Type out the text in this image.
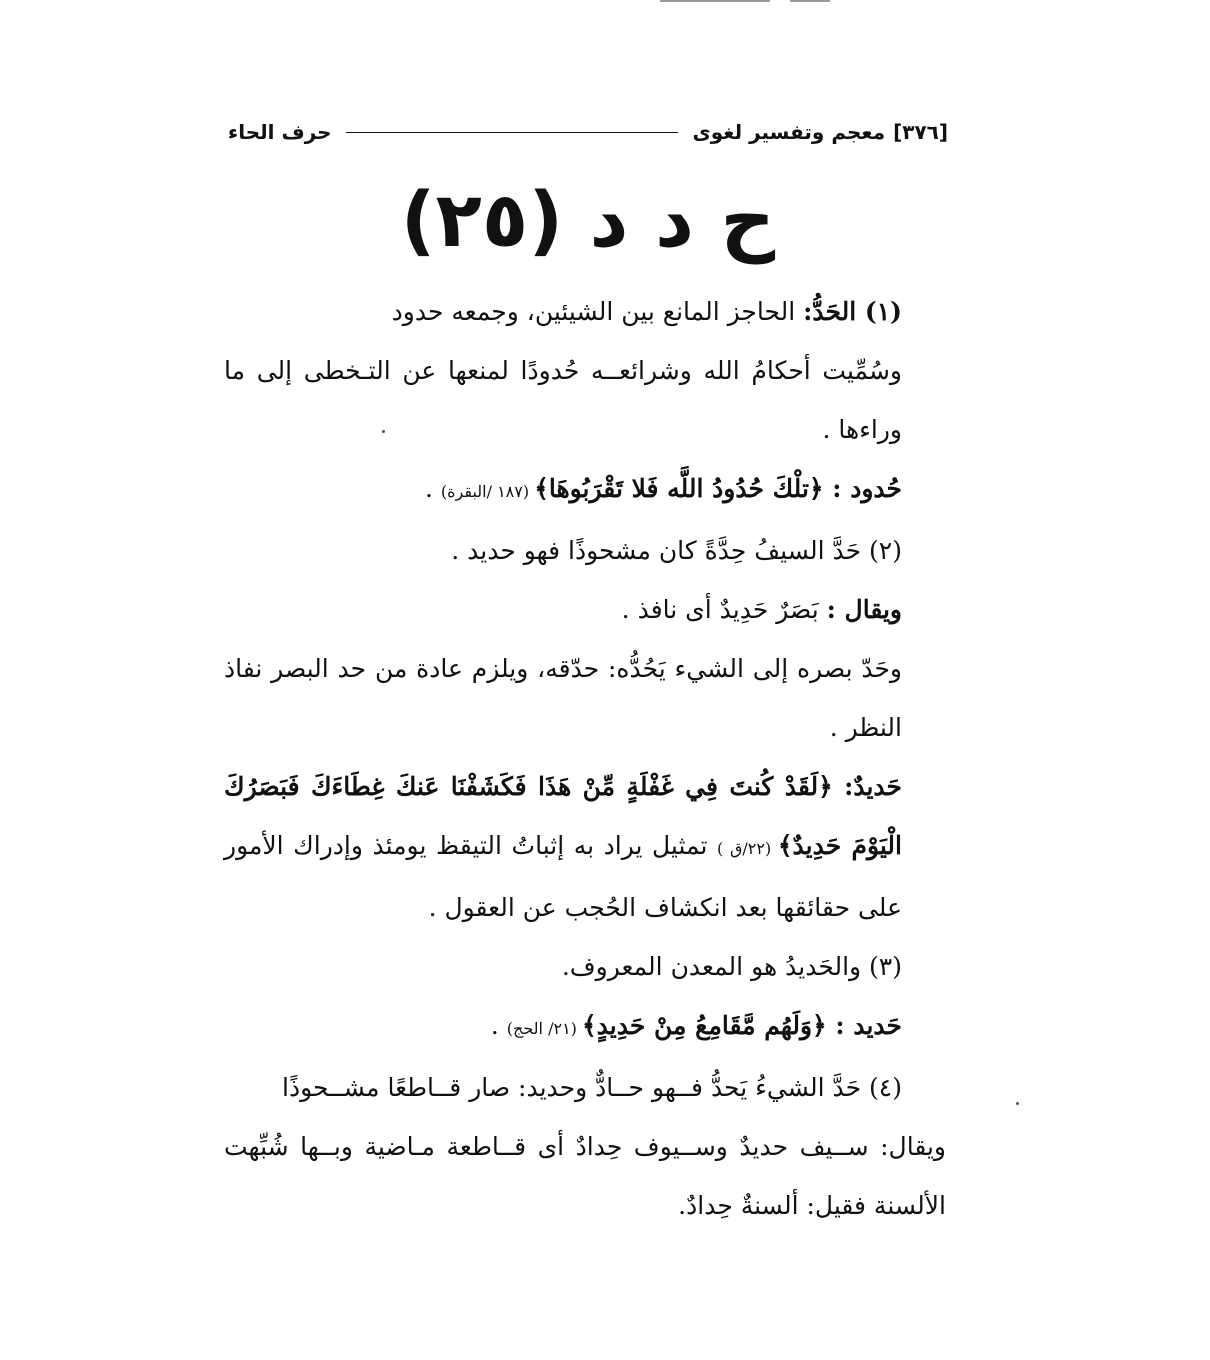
[٣٧٦]
معجم وتفسير لغوى
حرف الحاء
ح د د (٢٥)

(١) الحَدُّ: الحاجز المانع بين الشيئين، وجمعه حدود

وسُمِّيت أحكامُ الله وشرائعــه حُدودًا لمنعها عن التـخطى إلى ما وراءها .

حُدود : ﴿تلْكَ حُدُودُ اللَّه فَلا تَقْرَبُوهَا﴾ (١٨٧ /البقرة) .

(٢) حَدَّ السيفُ حِدَّةً كان مشحوذًا فهو حديد .

ويقال : بَصَرٌ حَدِيدٌ أى نافذ .

وحَدّ بصره إلى الشيء يَحُدُّه: حدّقه، ويلزم عادة من حد البصر نفاذ النظر .

حَديدٌ: ﴿لَقَدْ كُنتَ فِي غَفْلَةٍ مِّنْ هَذَا فَكَشَفْنَا عَنكَ غِطَاءَكَ فَبَصَرُكَ الْيَوْمَ حَدِيدٌ﴾ (٢٢/ق ) تمثيل يراد به إثباتُ التيقظ يومئذ وإدراك الأمور على حقائقها بعد انكشاف الحُجب عن العقول .

(٣) والحَديدُ هو المعدن المعروف.

حَديد : ﴿وَلَهُم مَّقَامِعُ مِنْ حَدِيدٍ﴾ (٢١/ الحج) .

(٤) حَدَّ الشيءُ يَحدُّ فــهو حــادٌّ وحديد: صار قــاطعًا مشــحوذًا

ويقال: ســيف حديدٌ وســيوف حِدادٌ أى قــاطعة مـاضية وبــها شُبِّهت الألسنة فقيل: ألسنةٌ حِدادٌ.
